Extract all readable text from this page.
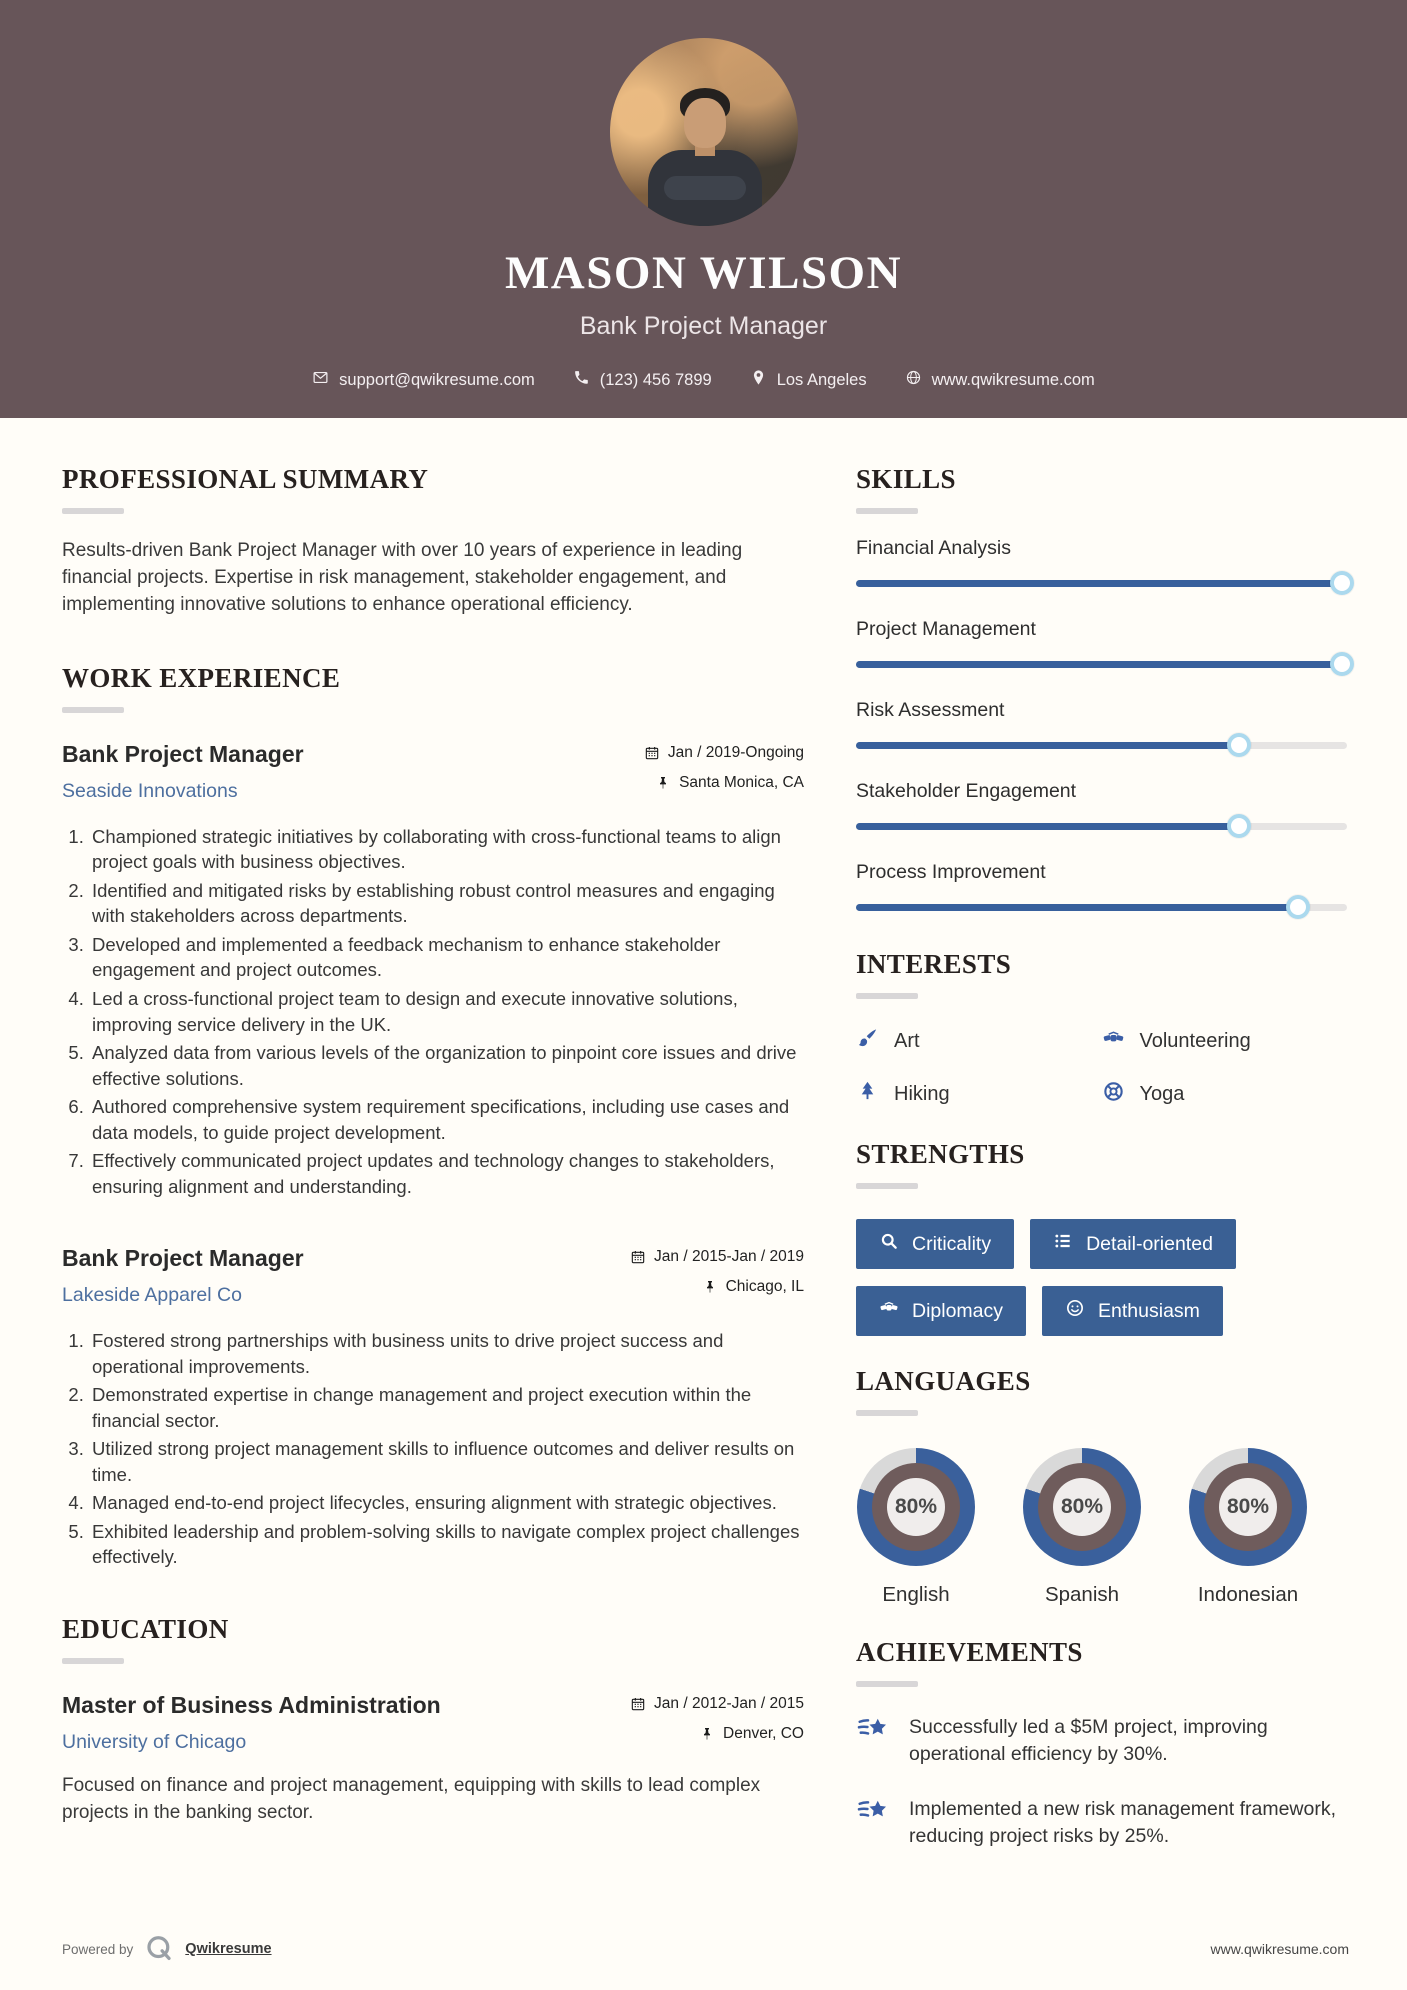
MASON WILSON
Bank Project Manager
support@qwikresume.com	(123) 456 7899	Los Angeles	www.qwikresume.com
PROFESSIONAL SUMMARY
Results-driven Bank Project Manager with over 10 years of experience in leading financial projects. Expertise in risk management, stakeholder engagement, and implementing innovative solutions to enhance operational efficiency.
WORK EXPERIENCE
Bank Project Manager
Seaside Innovations
Jan / 2019-Ongoing
Santa Monica, CA
1. Championed strategic initiatives by collaborating with cross-functional teams to align project goals with business objectives.
2. Identified and mitigated risks by establishing robust control measures and engaging with stakeholders across departments.
3. Developed and implemented a feedback mechanism to enhance stakeholder engagement and project outcomes.
4. Led a cross-functional project team to design and execute innovative solutions, improving service delivery in the UK.
5. Analyzed data from various levels of the organization to pinpoint core issues and drive effective solutions.
6. Authored comprehensive system requirement specifications, including use cases and data models, to guide project development.
7. Effectively communicated project updates and technology changes to stakeholders, ensuring alignment and understanding.
Bank Project Manager
Lakeside Apparel Co
Jan / 2015-Jan / 2019
Chicago, IL
1. Fostered strong partnerships with business units to drive project success and operational improvements.
2. Demonstrated expertise in change management and project execution within the financial sector.
3. Utilized strong project management skills to influence outcomes and deliver results on time.
4. Managed end-to-end project lifecycles, ensuring alignment with strategic objectives.
5. Exhibited leadership and problem-solving skills to navigate complex project challenges effectively.
EDUCATION
Master of Business Administration
University of Chicago
Jan / 2012-Jan / 2015
Denver, CO
Focused on finance and project management, equipping with skills to lead complex projects in the banking sector.
SKILLS
Financial Analysis
Project Management
Risk Assessment
Stakeholder Engagement
Process Improvement
INTERESTS
Art	Volunteering
Hiking	Yoga
STRENGTHS
Criticality	Detail-oriented
Diplomacy	Enthusiasm
LANGUAGES
80%
English
80%
Spanish
80%
Indonesian
ACHIEVEMENTS
Successfully led a $5M project, improving operational efficiency by 30%.
Implemented a new risk management framework, reducing project risks by 25%.
Powered by	Qwikresume	www.qwikresume.com
